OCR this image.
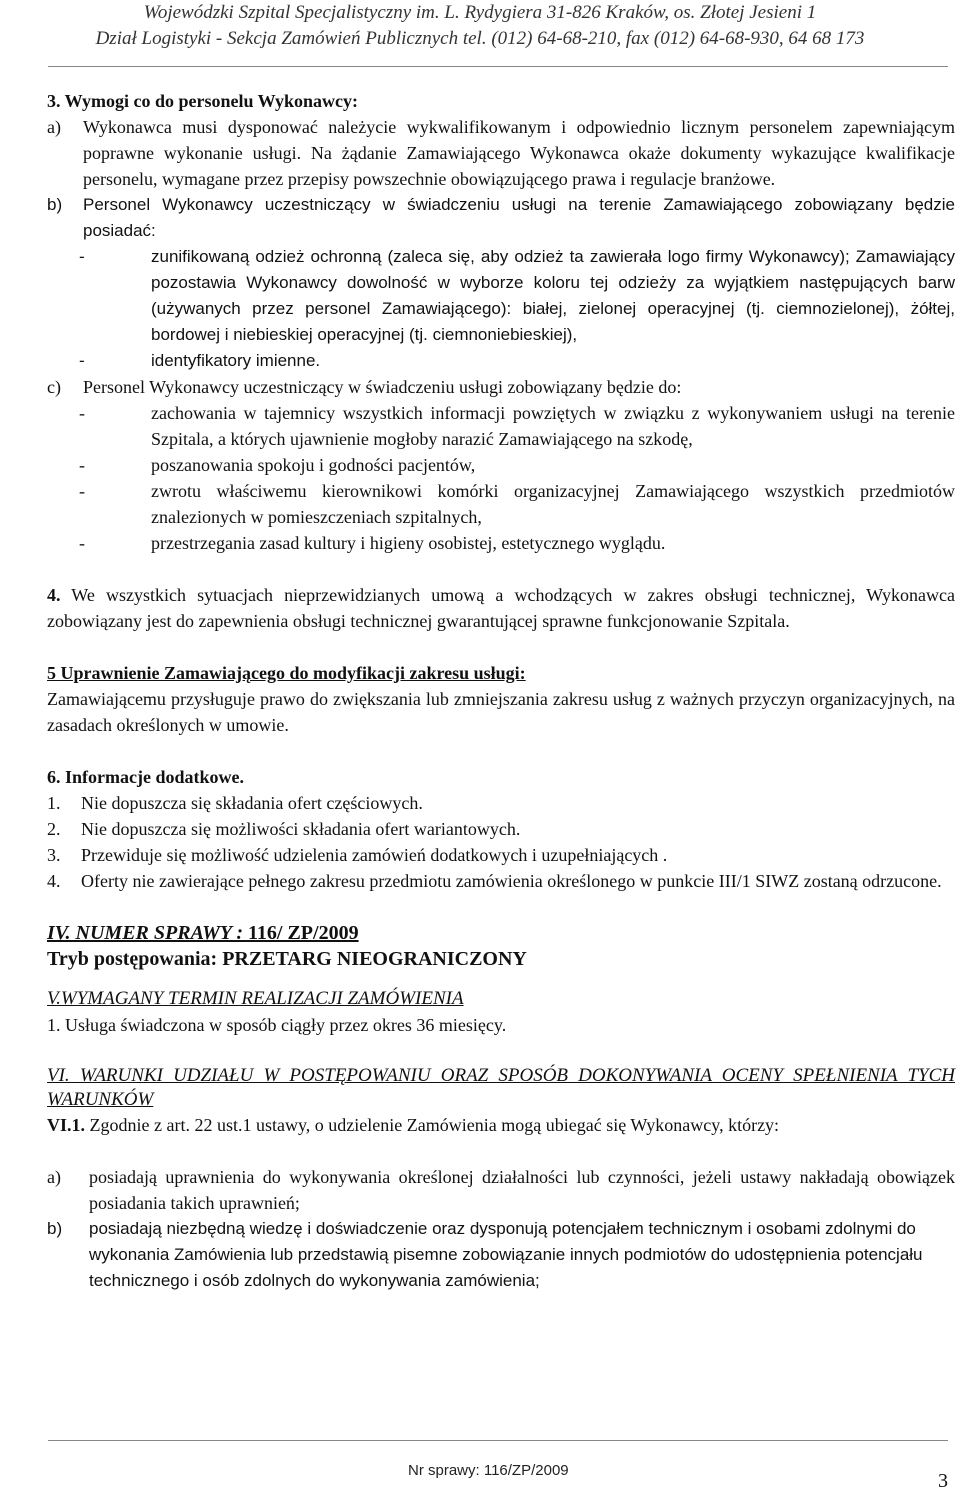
Wojewódzki Szpital Specjalistyczny im. L. Rydygiera 31-826 Kraków, os. Złotej Jesieni 1
Dział Logistyki - Sekcja Zamówień Publicznych tel. (012) 64-68-210, fax (012) 64-68-930, 64 68 173

3. Wymogi co do personelu Wykonawcy:

a)	Wykonawca musi dysponować należycie wykwalifikowanym i odpowiednio licznym personelem zapewniającym poprawne wykonanie usługi. Na żądanie Zamawiającego Wykonawca okaże dokumenty wykazujące kwalifikacje personelu, wymagane przez przepisy powszechnie obowiązującego prawa i regulacje branżowe.
b)	Personel Wykonawcy uczestniczący w świadczeniu usługi na terenie Zamawiającego zobowiązany będzie posiadać:
-	zunifikowaną odzież ochronną (zaleca się, aby odzież ta zawierała logo firmy Wykonawcy); Zamawiający pozostawia Wykonawcy dowolność w wyborze koloru tej odzieży za wyjątkiem następujących barw (używanych przez personel Zamawiającego): białej, zielonej operacyjnej (tj. ciemnozielonej), żółtej, bordowej i niebieskiej operacyjnej (tj. ciemnoniebieskiej),
-	identyfikatory imienne.
c)	Personel Wykonawcy uczestniczący w świadczeniu usługi zobowiązany będzie do:
-	zachowania w tajemnicy wszystkich informacji powziętych w związku z wykonywaniem usługi na terenie Szpitala, a których ujawnienie mogłoby narazić Zamawiającego na szkodę,
-	poszanowania spokoju i godności pacjentów,
-	zwrotu właściwemu kierownikowi komórki organizacyjnej Zamawiającego wszystkich przedmiotów znalezionych w pomieszczeniach szpitalnych,
-	przestrzegania zasad kultury i higieny osobistej, estetycznego wyglądu.

4. We wszystkich sytuacjach nieprzewidzianych umową a wchodzących w zakres obsługi technicznej, Wykonawca zobowiązany jest do zapewnienia obsługi technicznej gwarantującej sprawne funkcjonowanie Szpitala.

5 Uprawnienie Zamawiającego do modyfikacji zakresu usługi:

Zamawiającemu przysługuje prawo do zwiększania lub zmniejszania zakresu usług z ważnych przyczyn organizacyjnych, na zasadach określonych w umowie.

6. Informacje dodatkowe.

1.	Nie dopuszcza się składania ofert częściowych.
2.	Nie dopuszcza się możliwości składania ofert wariantowych.
3.	Przewiduje się możliwość udzielenia zamówień dodatkowych i uzupełniających .
4.	Oferty nie zawierające pełnego zakresu przedmiotu zamówienia określonego w punkcie III/1 SIWZ zostaną odrzucone.

IV. NUMER SPRAWY : 116/ ZP/2009

Tryb postępowania: PRZETARG NIEOGRANICZONY

V.WYMAGANY TERMIN REALIZACJI ZAMÓWIENIA

1. Usługa świadczona w sposób ciągły przez okres 36 miesięcy.

VI. WARUNKI UDZIAŁU W POSTĘPOWANIU ORAZ SPOSÓB DOKONYWANIA OCENY SPEŁNIENIA TYCH WARUNKÓW

VI.1. Zgodnie z art. 22 ust.1 ustawy, o udzielenie Zamówienia mogą ubiegać się Wykonawcy, którzy:

a)	posiadają uprawnienia do wykonywania określonej działalności lub czynności, jeżeli ustawy nakładają obowiązek posiadania takich uprawnień;
b)	posiadają niezbędną wiedzę i doświadczenie oraz dysponują potencjałem technicznym i osobami zdolnymi do wykonania Zamówienia lub przedstawią pisemne zobowiązanie innych podmiotów do udostępnienia potencjału technicznego i osób zdolnych do wykonywania zamówienia;
Nr sprawy: 116/ZP/2009	3
